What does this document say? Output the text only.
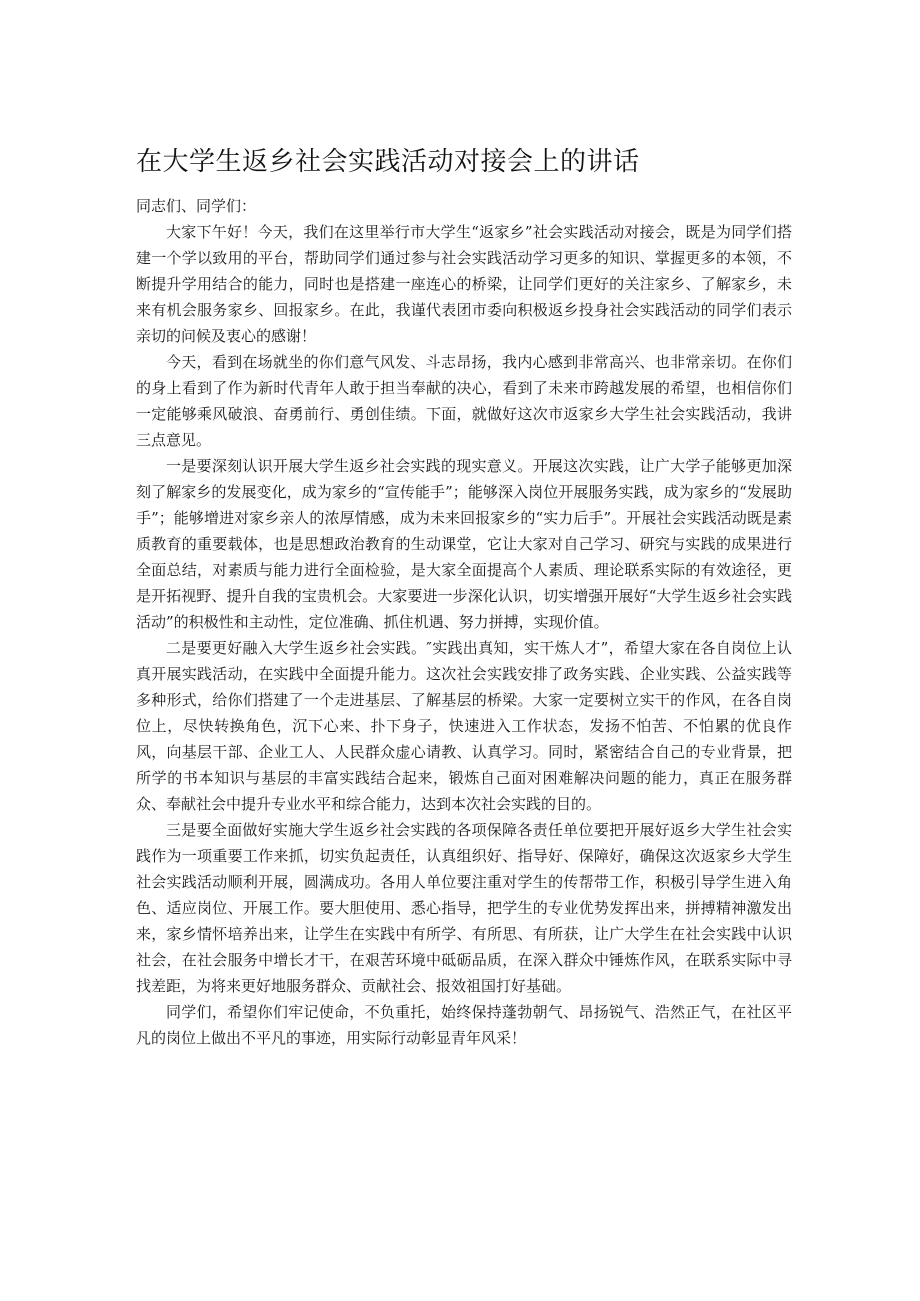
在大学生返乡社会实践活动对接会上的讲话

同志们、同学们：

大家下午好！今天，我们在这里举行市大学生“返家乡”社会实践活动对接会，既是为同学们搭建一个学以致用的平台，帮助同学们通过参与社会实践活动学习更多的知识、掌握更多的本领，不断提升学用结合的能力，同时也是搭建一座连心的桥梁，让同学们更好的关注家乡、了解家乡，未来有机会服务家乡、回报家乡。在此，我谨代表团市委向积极返乡投身社会实践活动的同学们表示亲切的问候及衷心的感谢！

今天，看到在场就坐的你们意气风发、斗志昂扬，我内心感到非常高兴、也非常亲切。在你们的身上看到了作为新时代青年人敢于担当奉献的决心，看到了未来市跨越发展的希望，也相信你们一定能够乘风破浪、奋勇前行、勇创佳绩。下面，就做好这次市返家乡大学生社会实践活动，我讲三点意见。

一是要深刻认识开展大学生返乡社会实践的现实意义。开展这次实践，让广大学子能够更加深刻了解家乡的发展变化，成为家乡的“宣传能手”；能够深入岗位开展服务实践，成为家乡的“发展助手”；能够增进对家乡亲人的浓厚情感，成为未来回报家乡的“实力后手”。开展社会实践活动既是素质教育的重要载体，也是思想政治教育的生动课堂，它让大家对自己学习、研究与实践的成果进行全面总结，对素质与能力进行全面检验，是大家全面提高个人素质、理论联系实际的有效途径，更是开拓视野、提升自我的宝贵机会。大家要进一步深化认识，切实增强开展好“大学生返乡社会实践活动”的积极性和主动性，定位准确、抓住机遇、努力拼搏，实现价值。

二是要更好融入大学生返乡社会实践。″实践出真知，实干炼人才”，希望大家在各自岗位上认真开展实践活动，在实践中全面提升能力。这次社会实践安排了政务实践、企业实践、公益实践等多种形式，给你们搭建了一个走进基层、了解基层的桥梁。大家一定要树立实干的作风，在各自岗位上，尽快转换角色，沉下心来、扑下身子，快速进入工作状态，发扬不怕苦、不怕累的优良作风，向基层干部、企业工人、人民群众虚心请教、认真学习。同时，紧密结合自己的专业背景，把所学的书本知识与基层的丰富实践结合起来，锻炼自己面对困难解决问题的能力，真正在服务群众、奉献社会中提升专业水平和综合能力，达到本次社会实践的目的。

三是要全面做好实施大学生返乡社会实践的各项保障各责任单位要把开展好返乡大学生社会实践作为一项重要工作来抓，切实负起责任，认真组织好、指导好、保障好，确保这次返家乡大学生社会实践活动顺利开展，圆满成功。各用人单位要注重对学生的传帮带工作，积极引导学生进入角色、适应岗位、开展工作。要大胆使用、悉心指导，把学生的专业优势发挥出来，拼搏精神激发出来，家乡情怀培养出来，让学生在实践中有所学、有所思、有所获，让广大学生在社会实践中认识社会，在社会服务中增长才干，在艰苦环境中砥砺品质，在深入群众中锤炼作风，在联系实际中寻找差距，为将来更好地服务群众、贡献社会、报效祖国打好基础。

同学们，希望你们牢记使命，不负重托，始终保持蓬勃朝气、昂扬锐气、浩然正气，在社区平凡的岗位上做出不平凡的事迹，用实际行动彰显青年风采！
